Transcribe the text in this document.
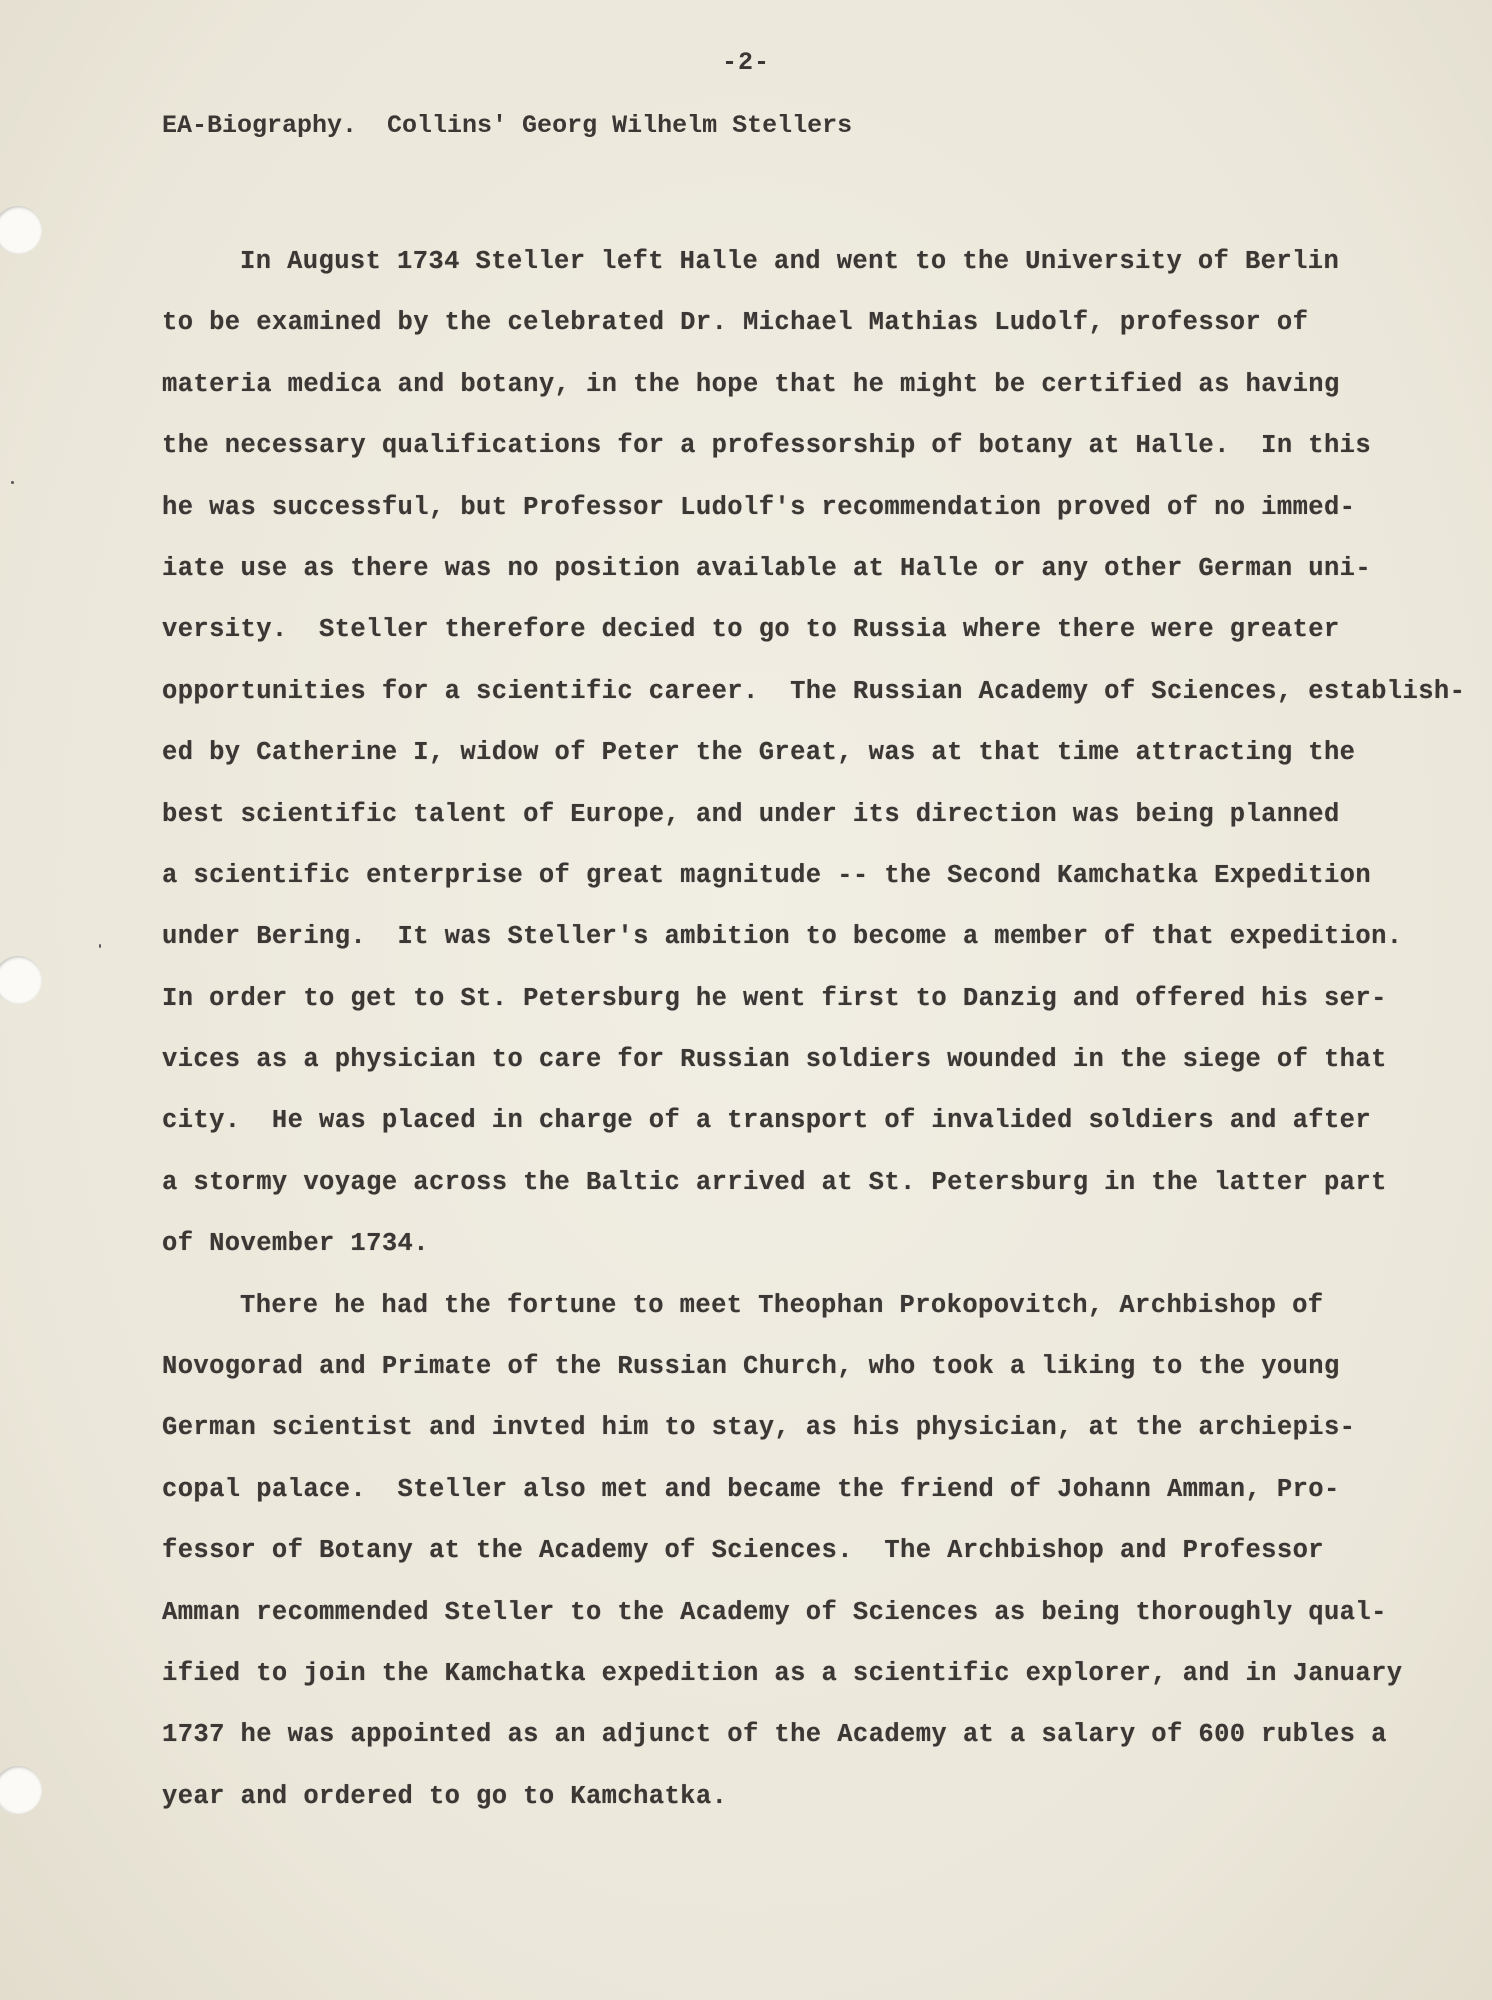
-2-
EA-Biography.  Collins' Georg Wilhelm Stellers
In August 1734 Steller left Halle and went to the University of Berlin
to be examined by the celebrated Dr. Michael Mathias Ludolf, professor of
materia medica and botany, in the hope that he might be certified as having
the necessary qualifications for a professorship of botany at Halle.  In this
he was successful, but Professor Ludolf's recommendation proved of no immed-
iate use as there was no position available at Halle or any other German uni-
versity.  Steller therefore decied to go to Russia where there were greater
opportunities for a scientific career.  The Russian Academy of Sciences, establish-
ed by Catherine I, widow of Peter the Great, was at that time attracting the
best scientific talent of Europe, and under its direction was being planned
a scientific enterprise of great magnitude -- the Second Kamchatka Expedition
under Bering.  It was Steller's ambition to become a member of that expedition.
In order to get to St. Petersburg he went first to Danzig and offered his ser-
vices as a physician to care for Russian soldiers wounded in the siege of that
city.  He was placed in charge of a transport of invalided soldiers and after
a stormy voyage across the Baltic arrived at St. Petersburg in the latter part
of November 1734.
There he had the fortune to meet Theophan Prokopovitch, Archbishop of
Novogorad and Primate of the Russian Church, who took a liking to the young
German scientist and invted him to stay, as his physician, at the archiepis-
copal palace.  Steller also met and became the friend of Johann Amman, Pro-
fessor of Botany at the Academy of Sciences.  The Archbishop and Professor
Amman recommended Steller to the Academy of Sciences as being thoroughly qual-
ified to join the Kamchatka expedition as a scientific explorer, and in January
1737 he was appointed as an adjunct of the Academy at a salary of 600 rubles a
year and ordered to go to Kamchatka.
